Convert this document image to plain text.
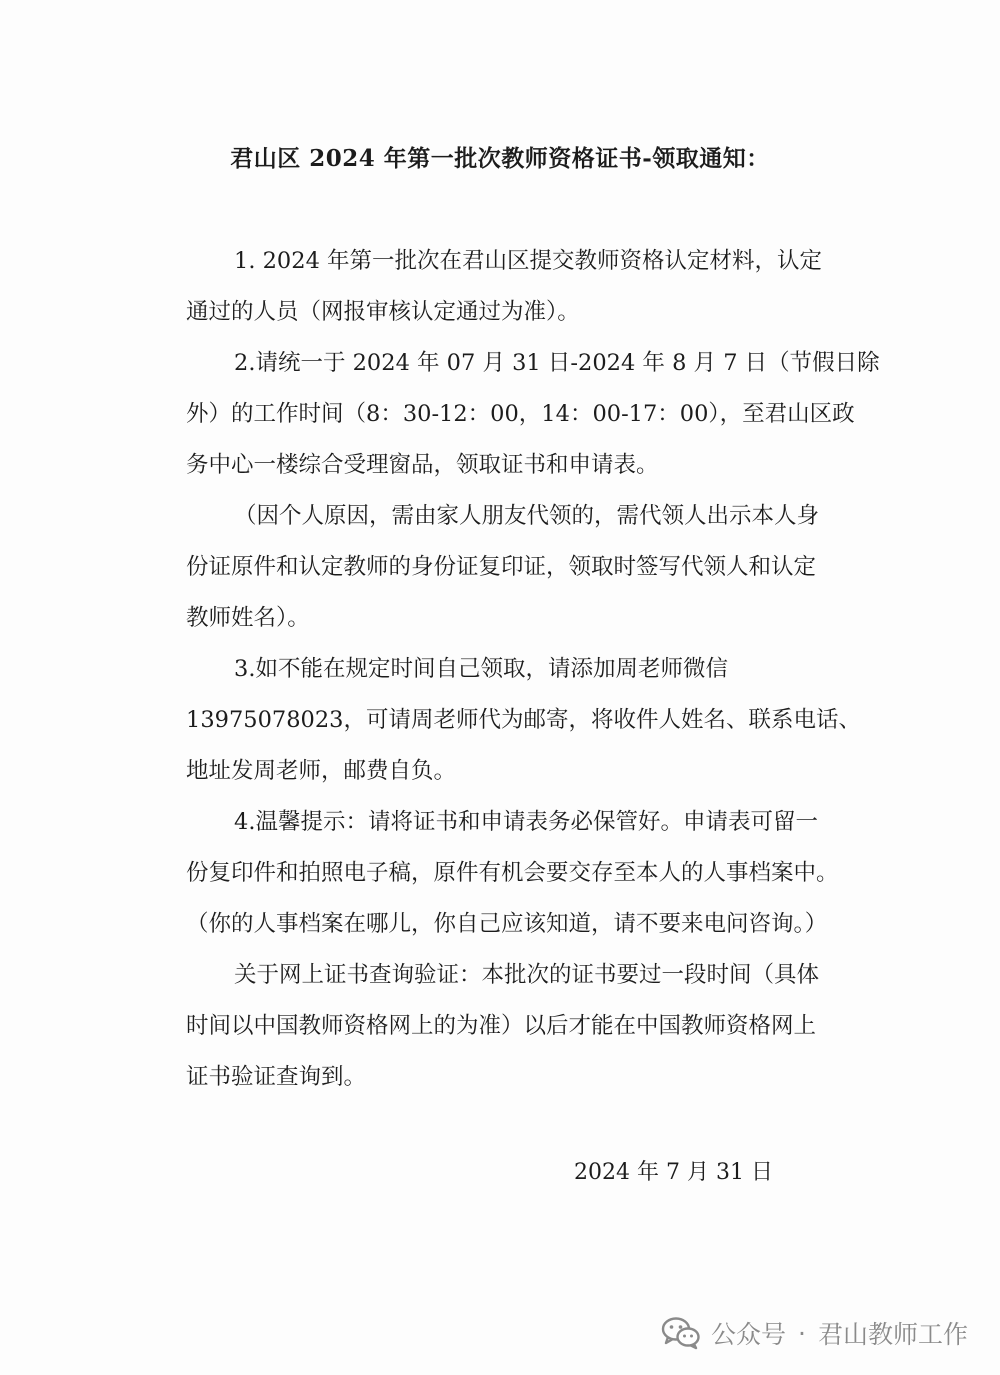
君山区 2024 年第一批次教师资格证书-领取通知：
1. 2024 年第一批次在君山区提交教师资格认定材料，认定
通过的人员（网报审核认定通过为准）。
2.请统一于 2024 年 07 月 31 日-2024 年 8 月 7 日（节假日除
外）的工作时间（8：30-12：00，14：00-17：00），至君山区政
务中心一楼综合受理窗品，领取证书和申请表。
（因个人原因，需由家人朋友代领的，需代领人出示本人身
份证原件和认定教师的身份证复印证，领取时签写代领人和认定
教师姓名）。
3.如不能在规定时间自己领取，请添加周老师微信
13975078023，可请周老师代为邮寄，将收件人姓名、联系电话、
地址发周老师，邮费自负。
4.温馨提示：请将证书和申请表务必保管好。申请表可留一
份复印件和拍照电子稿，原件有机会要交存至本人的人事档案中。
（你的人事档案在哪儿，你自己应该知道，请不要来电问咨询。）
关于网上证书查询验证：本批次的证书要过一段时间（具体
时间以中国教师资格网上的为准）以后才能在中国教师资格网上
证书验证查询到。
2024 年 7 月 31 日
公众号 · 君山教师工作
